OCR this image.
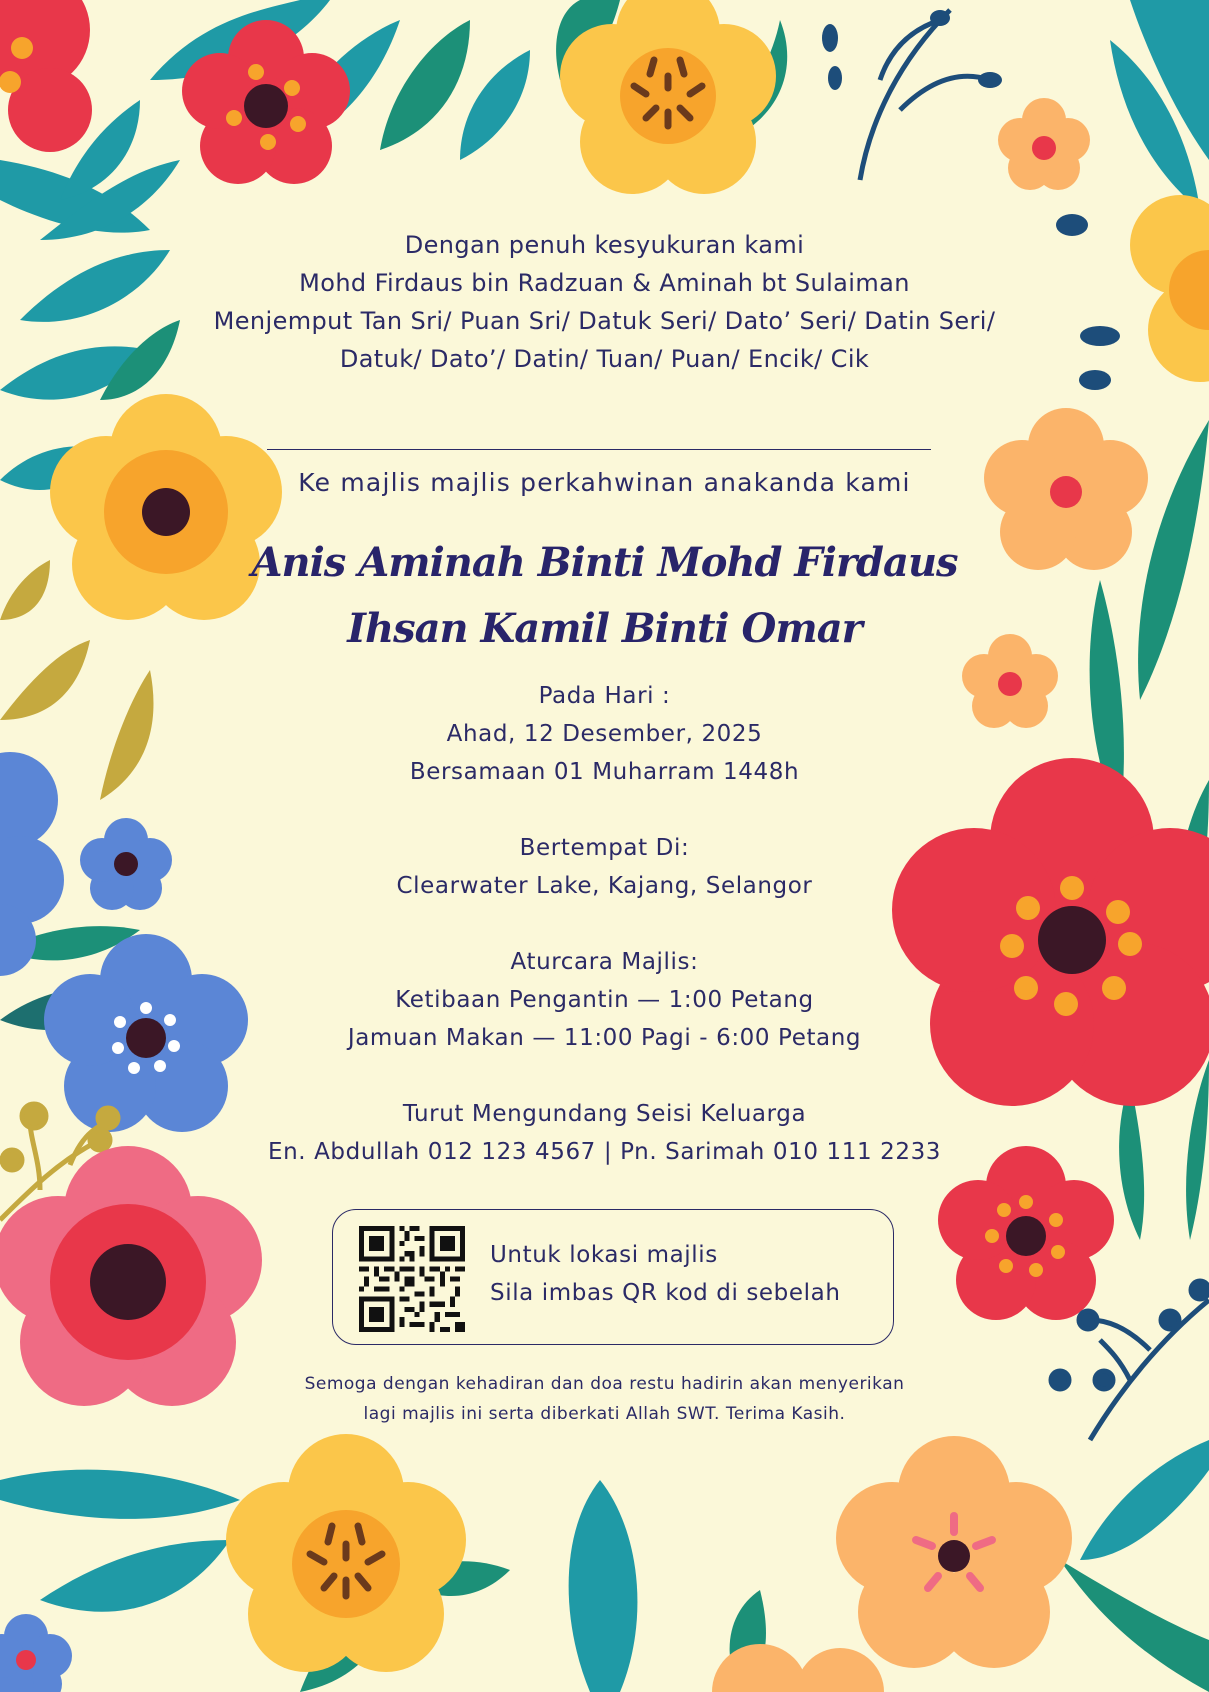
Dengan penuh kesyukuran kami
Mohd Firdaus bin Radzuan & Aminah bt Sulaiman
Menjemput Tan Sri/ Puan Sri/ Datuk Seri/ Dato’ Seri/ Datin Seri/
Datuk/ Dato’/ Datin/ Tuan/ Puan/ Encik/ Cik
Ke majlis majlis perkahwinan anakanda kami
Anis Aminah Binti Mohd Firdaus
Ihsan Kamil Binti Omar
Pada Hari :
Ahad, 12 Desember, 2025
Bersamaan 01 Muharram 1448h
Bertempat Di:
Clearwater Lake, Kajang, Selangor
Aturcara Majlis:
Ketibaan Pengantin — 1:00 Petang
Jamuan Makan — 11:00 Pagi - 6:00 Petang
Turut Mengundang Seisi Keluarga
En. Abdullah 012 123 4567 | Pn. Sarimah 010 111 2233
Untuk lokasi majlis
Sila imbas QR kod di sebelah
Semoga dengan kehadiran dan doa restu hadirin akan menyerikan
lagi majlis ini serta diberkati Allah SWT. Terima Kasih.
